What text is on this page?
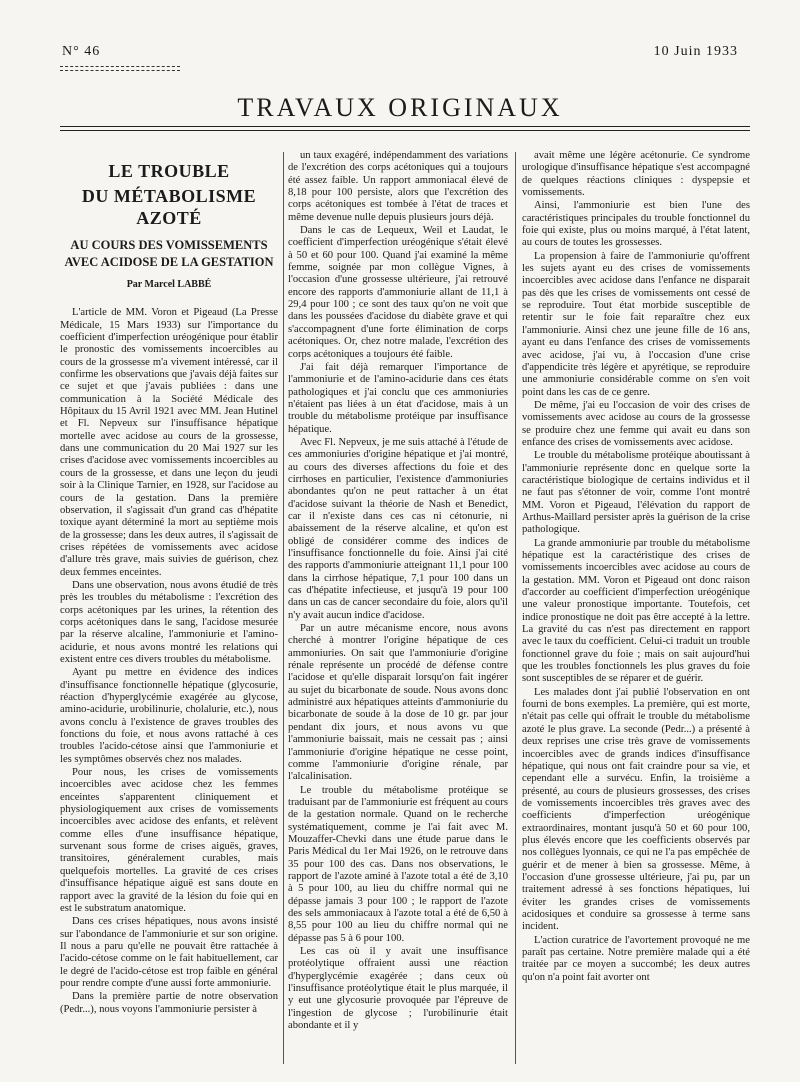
N° 46	10 Juin 1933
TRAVAUX ORIGINAUX
LE TROUBLE
DU MÉTABOLISME AZOTÉ
AU COURS DES VOMISSEMENTS
AVEC ACIDOSE DE LA GESTATION
Par Marcel LABBÉ

L'article de MM. Voron et Pigeaud (La Presse Médicale, 15 Mars 1933) sur l'importance du coefficient d'imperfection uréogénique pour établir le pronostic des vomissements incoercibles au cours de la grossesse m'a vivement intéressé, car il confirme les observations que j'avais déjà faites sur ce sujet et que j'avais publiées : dans une communication à la Société Médicale des Hôpitaux du 15 Avril 1921 avec MM. Jean Hutinel et Fl. Nepveux sur l'insuffisance hépatique mortelle avec acidose au cours de la grossesse, dans une communication du 20 Mai 1927 sur les crises d'acidose avec vomissements incoercibles au cours de la grossesse, et dans une leçon du jeudi soir à la Clinique Tarnier, en 1928, sur l'acidose au cours de la gestation. Dans la première observation, il s'agissait d'un grand cas d'hépatite toxique ayant déterminé la mort au septième mois de la grossesse; dans les deux autres, il s'agissait de crises répétées de vomissements avec acidose d'allure très grave, mais suivies de guérison, chez deux femmes enceintes.

Dans une observation, nous avons étudié de très près les troubles du métabolisme : l'excrétion des corps acétoniques par les urines, la rétention des corps acétoniques dans le sang, l'acidose mesurée par la réserve alcaline, l'ammoniurie et l'amino-acidurie, et nous avons montré les relations qui existent entre ces divers troubles du métabolisme.

Ayant pu mettre en évidence des indices d'insuffisance fonctionnelle hépatique (glycosurie, réaction d'hyperglycémie exagérée au glycose, amino-acidurie, urobilinurie, cholalurie, etc.), nous avons conclu à l'existence de graves troubles des fonctions du foie, et nous avons rattaché à ces troubles l'acido-cétose ainsi que l'ammoniurie et les symptômes observés chez nos malades.

Pour nous, les crises de vomissements incoercibles avec acidose chez les femmes enceintes s'apparentent cliniquement et physiologiquement aux crises de vomissements incoercibles avec acidose des enfants, et relèvent comme elles d'une insuffisance hépatique, survenant sous forme de crises aiguës, graves, transitoires, généralement curables, mais quelquefois mortelles. La gravité de ces crises d'insuffisance hépatique aiguë est sans doute en rapport avec la gravité de la lésion du foie qui en est le substratum anatomique.

Dans ces crises hépatiques, nous avons insisté sur l'abondance de l'ammoniurie et sur son origine. Il nous a paru qu'elle ne pouvait être rattachée à l'acido-cétose comme on le fait habituellement, car le degré de l'acido-cétose est trop faible en général pour rendre compte d'une aussi forte ammoniurie.

Dans la première partie de notre observation (Pedr...), nous voyons l'ammoniurie persister à

un taux exagéré, indépendamment des variations de l'excrétion des corps acétoniques qui a toujours été assez faible. Un rapport ammoniacal élevé de 8,18 pour 100 persiste, alors que l'excrétion des corps acétoniques est tombée à l'état de traces et même devenue nulle depuis plusieurs jours déjà.

Dans le cas de Lequeux, Weil et Laudat, le coefficient d'imperfection uréogénique s'était élevé à 50 et 60 pour 100. Quand j'ai examiné la même femme, soignée par mon collègue Vignes, à l'occasion d'une grossesse ultérieure, j'ai retrouvé encore des rapports d'ammoniurie allant de 11,1 à 29,4 pour 100 ; ce sont des taux qu'on ne voit que dans les poussées d'acidose du diabète grave et qui s'accompagnent d'une forte élimination de corps acétoniques. Or, chez notre malade, l'excrétion des corps acétoniques a toujours été faible.

J'ai fait déjà remarquer l'importance de l'ammoniurie et de l'amino-acidurie dans ces états pathologiques et j'ai conclu que ces ammoniuries n'étaient pas liées à un état d'acidose, mais à un trouble du métabolisme protéique par insuffisance hépatique.

Avec Fl. Nepveux, je me suis attaché à l'étude de ces ammoniuries d'origine hépatique et j'ai montré, au cours des diverses affections du foie et des cirrhoses en particulier, l'existence d'ammoniuries abondantes qu'on ne peut rattacher à un état d'acidose suivant la théorie de Nash et Benedict, car il n'existe dans ces cas ni cétonurie, ni abaissement de la réserve alcaline, et qu'on est obligé de considérer comme des indices de l'insuffisance fonctionnelle du foie. Ainsi j'ai cité des rapports d'ammoniurie atteignant 11,1 pour 100 dans la cirrhose hépatique, 7,1 pour 100 dans un cas d'hépatite infectieuse, et jusqu'à 19 pour 100 dans un cas de cancer secondaire du foie, alors qu'il n'y avait aucun indice d'acidose.

Par un autre mécanisme encore, nous avons cherché à montrer l'origine hépatique de ces ammoniuries. On sait que l'ammoniurie d'origine rénale représente un procédé de défense contre l'acidose et qu'elle disparait lorsqu'on fait ingérer au sujet du bicarbonate de soude. Nous avons donc administré aux hépatiques atteints d'ammoniurie du bicarbonate de soude à la dose de 10 gr. par jour pendant dix jours, et nous avons vu que l'ammoniurie baissait, mais ne cessait pas ; ainsi l'ammoniurie d'origine hépatique ne cesse point, comme l'ammoniurie d'origine rénale, par l'alcalinisation.

Le trouble du métabolisme protéique se traduisant par de l'ammoniurie est fréquent au cours de la gestation normale. Quand on le recherche systématiquement, comme je l'ai fait avec M. Mouzaffer-Chevki dans une étude parue dans le Paris Médical du 1er Mai 1926, on le retrouve dans 35 pour 100 des cas. Dans nos observations, le rapport de l'azote aminé à l'azote total a été de 3,10 à 5 pour 100, au lieu du chiffre normal qui ne dépasse jamais 3 pour 100 ; le rapport de l'azote des sels ammoniacaux à l'azote total a été de 6,50 à 8,55 pour 100 au lieu du chiffre normal qui ne dépasse pas 5 à 6 pour 100.

Les cas où il y avait une insuffisance protéolytique offraient aussi une réaction d'hyperglycémie exagérée ; dans ceux où l'insuffisance protéolytique était le plus marquée, il y eut une glycosurie provoquée par l'épreuve de l'ingestion de glycose ; l'urobilinurie était abondante et il y

avait même une légère acétonurie. Ce syndrome urologique d'insuffisance hépatique s'est accompagné de quelques réactions cliniques : dyspepsie et vomissements.

Ainsi, l'ammoniurie est bien l'une des caractéristiques principales du trouble fonctionnel du foie qui existe, plus ou moins marqué, à l'état latent, au cours de toutes les grossesses.

La propension à faire de l'ammoniurie qu'offrent les sujets ayant eu des crises de vomissements incoercibles avec acidose dans l'enfance ne disparait pas dès que les crises de vomissements ont cessé de se reproduire. Tout état morbide susceptible de retentir sur le foie fait reparaître chez eux l'ammoniurie. Ainsi chez une jeune fille de 16 ans, ayant eu dans l'enfance des crises de vomissements avec acidose, j'ai vu, à l'occasion d'une crise d'appendicite très légère et apyrétique, se reproduire une ammoniurie considérable comme on s'en voit point dans les cas de ce genre.

De même, j'ai eu l'occasion de voir des crises de vomissements avec acidose au cours de la grossesse se produire chez une femme qui avait eu dans son enfance des crises de vomissements avec acidose.

Le trouble du métabolisme protéique aboutissant à l'ammoniurie représente donc en quelque sorte la caractéristique biologique de certains individus et il ne faut pas s'étonner de voir, comme l'ont montré MM. Voron et Pigeaud, l'élévation du rapport de Arthus-Maillard persister après la guérison de la crise pathologique.

La grande ammoniurie par trouble du métabolisme hépatique est la caractéristique des crises de vomissements incoercibles avec acidose au cours de la gestation. MM. Voron et Pigeaud ont donc raison d'accorder au coefficient d'imperfection uréogénique une valeur pronostique importante. Toutefois, cet indice pronostique ne doit pas être accepté à la lettre. La gravité du cas n'est pas directement en rapport avec le taux du coefficient. Celui-ci traduit un trouble fonctionnel grave du foie ; mais on sait aujourd'hui que les troubles fonctionnels les plus graves du foie sont susceptibles de se réparer et de guérir.

Les malades dont j'ai publié l'observation en ont fourni de bons exemples. La première, qui est morte, n'était pas celle qui offrait le trouble du métabolisme azoté le plus grave. La seconde (Pedr...) a présenté à deux reprises une crise très grave de vomissements incoercibles avec de grands indices d'insuffisance hépatique, qui nous ont fait craindre pour sa vie, et cependant elle a survécu. Enfin, la troisième a présenté, au cours de plusieurs grossesses, des crises de vomissements incoercibles très graves avec des coefficients d'imperfection uréogénique extraordinaires, montant jusqu'à 50 et 60 pour 100, plus élevés encore que les coefficients observés par nos collègues lyonnais, ce qui ne l'a pas empêchée de guérir et de mener à bien sa grossesse. Même, à l'occasion d'une grossesse ultérieure, j'ai pu, par un traitement adressé à ses fonctions hépatiques, lui éviter les grandes crises de vomissements acidosiques et conduire sa grossesse à terme sans incident.

L'action curatrice de l'avortement provoqué ne me paraît pas certaine. Notre première malade qui a été traitée par ce moyen a succombé; les deux autres qu'on n'a point fait avorter ont
